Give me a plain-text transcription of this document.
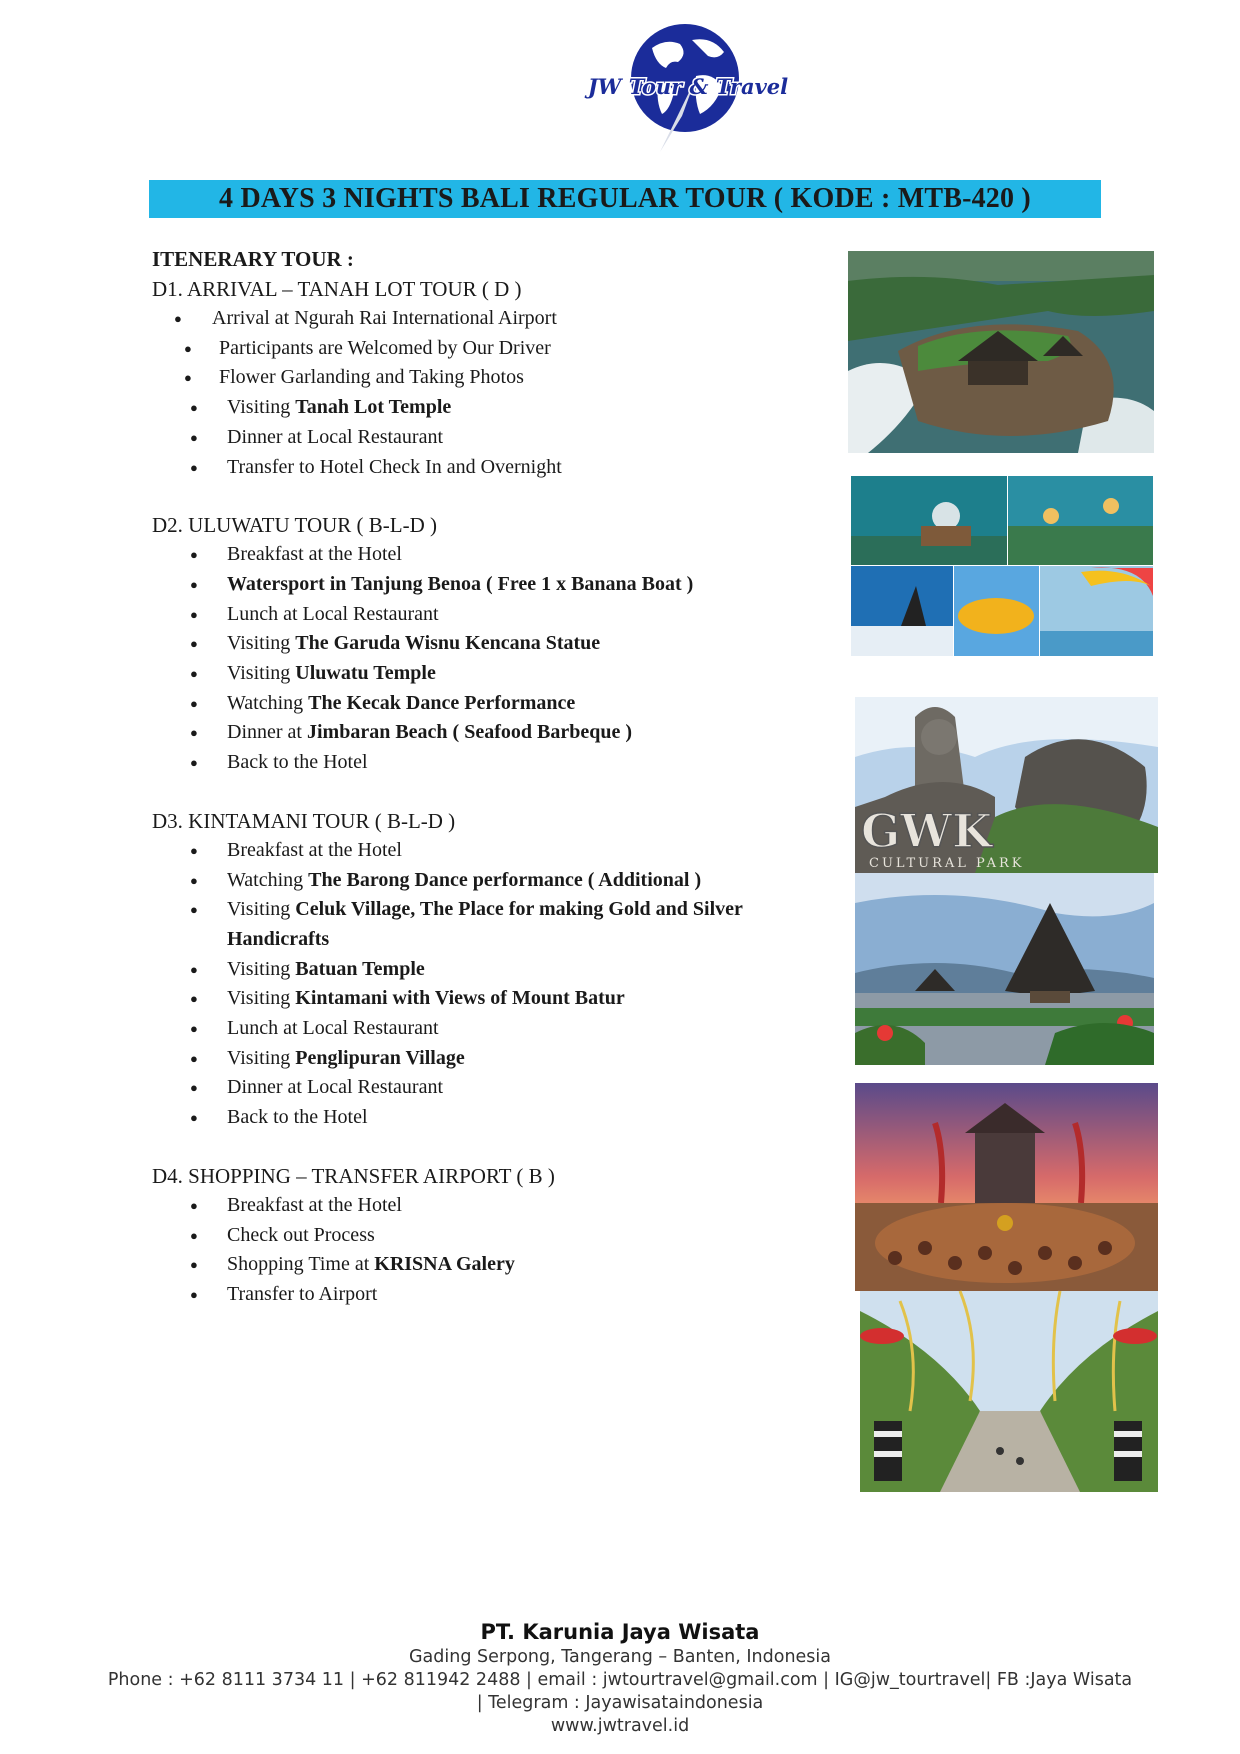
JW Tour & Travel
4 DAYS 3 NIGHTS BALI REGULAR TOUR ( KODE : MTB-420 )

ITENERARY TOUR :

D1. ARRIVAL – TANAH LOT TOUR ( D )

● Arrival at Ngurah Rai International Airport
● Participants are Welcomed by Our Driver
● Flower Garlanding and Taking Photos
● Visiting Tanah Lot Temple
● Dinner at Local Restaurant
● Transfer to Hotel Check In and Overnight

D2. ULUWATU TOUR ( B-L-D )

● Breakfast at the Hotel
● Watersport in Tanjung Benoa ( Free 1 x Banana Boat )
● Lunch at Local Restaurant
● Visiting The Garuda Wisnu Kencana Statue
● Visiting Uluwatu Temple
● Watching The Kecak Dance Performance
● Dinner at Jimbaran Beach ( Seafood Barbeque )
● Back to the Hotel

D3. KINTAMANI TOUR ( B-L-D )

● Breakfast at the Hotel
● Watching The Barong Dance performance ( Additional )
● Visiting Celuk Village, The Place for making Gold and Silver Handicrafts
● Visiting Batuan Temple
● Visiting Kintamani with Views of Mount Batur
● Lunch at Local Restaurant
● Visiting Penglipuran Village
● Dinner at Local Restaurant
● Back to the Hotel

D4. SHOPPING – TRANSFER AIRPORT ( B )

● Breakfast at the Hotel
● Check out Process
● Shopping Time at KRISNA Galery
● Transfer to Airport
GWK
CULTURAL PARK
PT. Karunia Jaya Wisata
Gading Serpong, Tangerang – Banten, Indonesia
Phone : +62 8111 3734 11 | +62 811942 2488 | email : jwtourtravel@gmail.com | IG@jw_tourtravel| FB :Jaya Wisata
| Telegram : Jayawisataindonesia
www.jwtravel.id
